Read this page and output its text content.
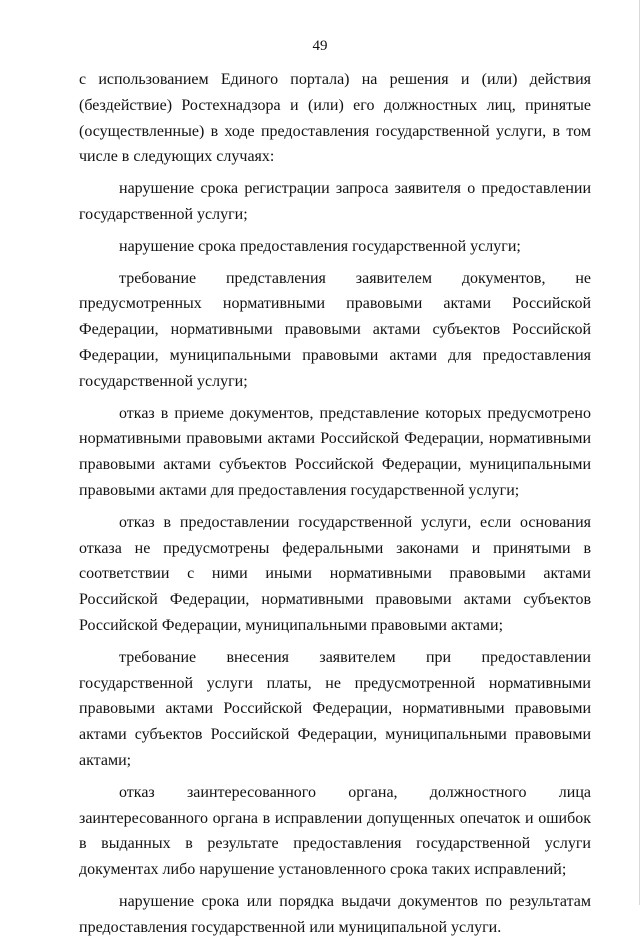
49

с использованием Единого портала) на решения и (или) действия (бездействие) Ростехнадзора и (или) его должностных лиц, принятые (осуществленные) в ходе предоставления государственной услуги, в том числе в следующих случаях:

нарушение срока регистрации запроса заявителя о предоставлении государственной услуги;

нарушение срока предоставления государственной услуги;

требование представления заявителем документов, не предусмотренных нормативными правовыми актами Российской Федерации, нормативными правовыми актами субъектов Российской Федерации, муниципальными правовыми актами для предоставления государственной услуги;

отказ в приеме документов, представление которых предусмотрено нормативными правовыми актами Российской Федерации, нормативными правовыми актами субъектов Российской Федерации, муниципальными правовыми актами для предоставления государственной услуги;

отказ в предоставлении государственной услуги, если основания отказа не предусмотрены федеральными законами и принятыми в соответствии с ними иными нормативными правовыми актами Российской Федерации, нормативными правовыми актами субъектов Российской Федерации, муниципальными правовыми актами;

требование внесения заявителем при предоставлении государственной услуги платы, не предусмотренной нормативными правовыми актами Российской Федерации, нормативными правовыми актами субъектов Российской Федерации, муниципальными правовыми актами;

отказ заинтересованного органа, должностного лица заинтересованного органа в исправлении допущенных опечаток и ошибок в выданных в результате предоставления государственной услуги документах либо нарушение установленного срока таких исправлений;

нарушение срока или порядка выдачи документов по результатам предоставления государственной или муниципальной услуги.
